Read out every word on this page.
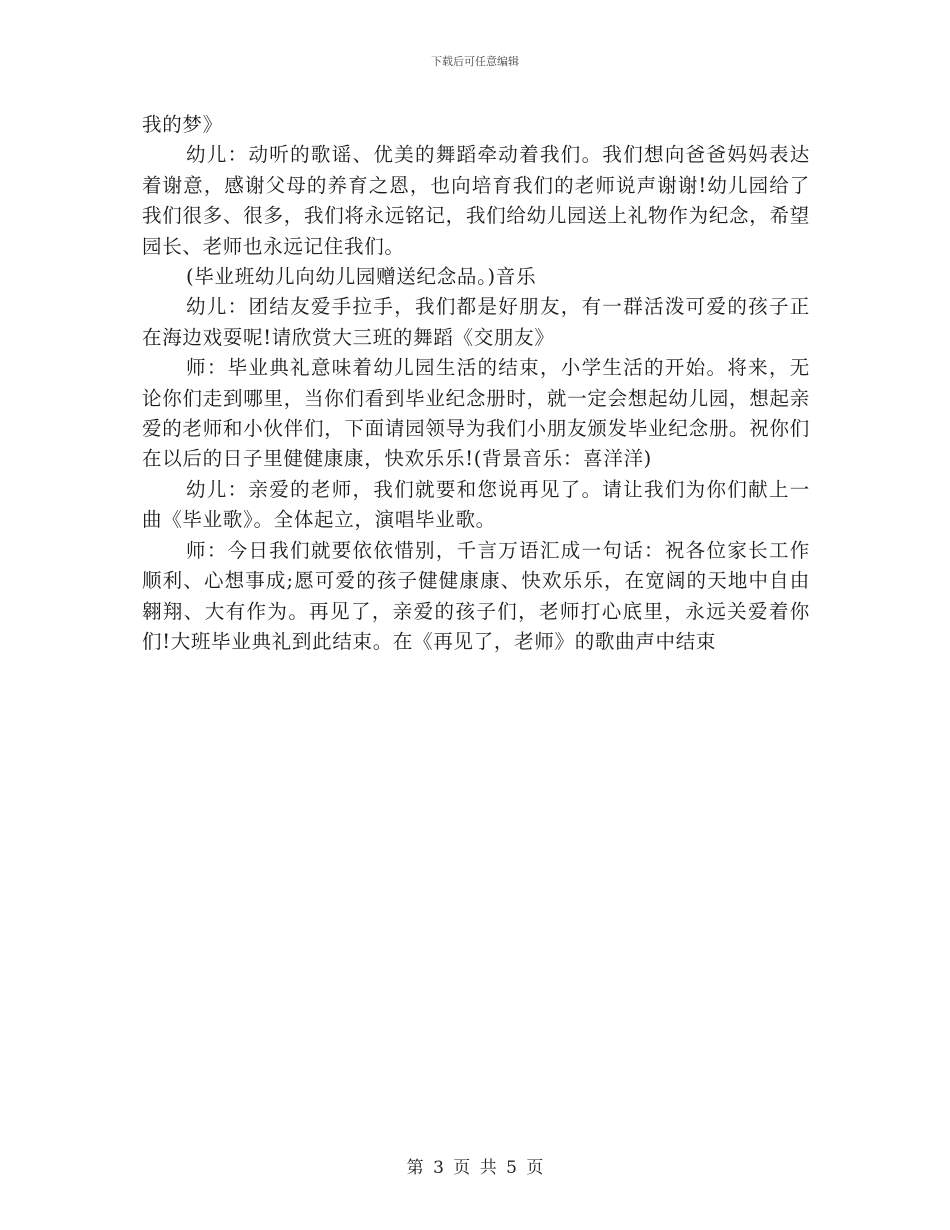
下载后可任意编辑

我的梦》

幼儿：动听的歌谣、优美的舞蹈牵动着我们。我们想向爸爸妈妈表达着谢意，感谢父母的养育之恩，也向培育我们的老师说声谢谢!幼儿园给了我们很多、很多，我们将永远铭记，我们给幼儿园送上礼物作为纪念，希望园长、老师也永远记住我们。

(毕业班幼儿向幼儿园赠送纪念品。)音乐

幼儿：团结友爱手拉手，我们都是好朋友，有一群活泼可爱的孩子正在海边戏耍呢!请欣赏大三班的舞蹈《交朋友》

师：毕业典礼意味着幼儿园生活的结束，小学生活的开始。将来，无论你们走到哪里，当你们看到毕业纪念册时，就一定会想起幼儿园，想起亲爱的老师和小伙伴们，下面请园领导为我们小朋友颁发毕业纪念册。祝你们在以后的日子里健健康康，快欢乐乐!(背景音乐：喜洋洋)

幼儿：亲爱的老师，我们就要和您说再见了。请让我们为你们献上一曲《毕业歌》。全体起立，演唱毕业歌。

师：今日我们就要依依惜别，千言万语汇成一句话：祝各位家长工作顺利、心想事成;愿可爱的孩子健健康康、快欢乐乐，在宽阔的天地中自由翱翔、大有作为。再见了，亲爱的孩子们，老师打心底里，永远关爱着你们!大班毕业典礼到此结束。在《再见了，老师》的歌曲声中结束

第 3 页 共 5 页
